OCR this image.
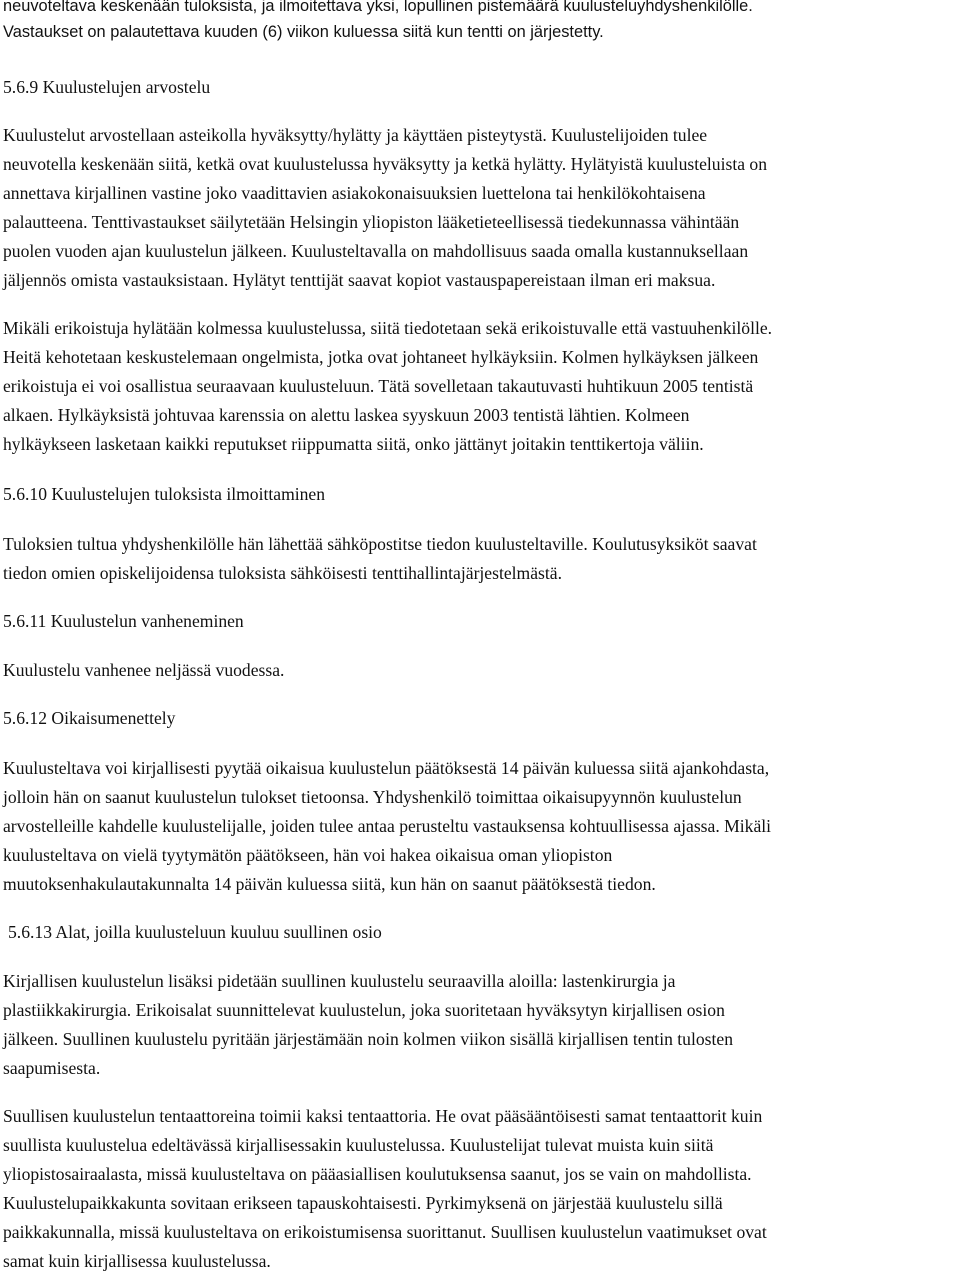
neuvoteltava keskenään tuloksista, ja ilmoitettava yksi, lopullinen pistemäärä kuulusteluyhdyshenkilölle.
Vastaukset on palautettava kuuden (6) viikon kuluessa siitä kun tentti on järjestetty.
5.6.9 Kuulustelujen arvostelu
Kuulustelut arvostellaan asteikolla hyväksytty/hylätty ja käyttäen pisteytystä. Kuulustelijoiden tulee
neuvotella keskenään siitä, ketkä ovat kuulustelussa hyväksytty ja ketkä hylätty. Hylätyistä kuulusteluista on
annettava kirjallinen vastine joko vaadittavien asiakokonaisuuksien luettelona tai henkilökohtaisena
palautteena. Tenttivastaukset säilytetään Helsingin yliopiston lääketieteellisessä tiedekunnassa vähintään
puolen vuoden ajan kuulustelun jälkeen. Kuulusteltavalla on mahdollisuus saada omalla kustannuksellaan
jäljennös omista vastauksistaan. Hylätyt tenttijät saavat kopiot vastauspapereistaan ilman eri maksua.
Mikäli erikoistuja hylätään kolmessa kuulustelussa, siitä tiedotetaan sekä erikoistuvalle että vastuuhenkilölle.
Heitä kehotetaan keskustelemaan ongelmista, jotka ovat johtaneet hylkäyksiin. Kolmen hylkäyksen jälkeen
erikoistuja ei voi osallistua seuraavaan kuulusteluun. Tätä sovelletaan takautuvasti huhtikuun 2005 tentistä
alkaen. Hylkäyksistä johtuvaa karenssia on alettu laskea syyskuun 2003 tentistä lähtien. Kolmeen
hylkäykseen lasketaan kaikki reputukset riippumatta siitä, onko jättänyt joitakin tenttikertoja väliin.
5.6.10 Kuulustelujen tuloksista ilmoittaminen
Tuloksien tultua yhdyshenkilölle hän lähettää sähköpostitse tiedon kuulusteltaville. Koulutusyksiköt saavat
tiedon omien opiskelijoidensa tuloksista sähköisesti tenttihallintajärjestelmästä.
5.6.11 Kuulustelun vanheneminen
Kuulustelu vanhenee neljässä vuodessa.
5.6.12 Oikaisumenettely
Kuulusteltava voi kirjallisesti pyytää oikaisua kuulustelun päätöksestä 14 päivän kuluessa siitä ajankohdasta,
jolloin hän on saanut kuulustelun tulokset tietoonsa. Yhdyshenkilö toimittaa oikaisupyynnön kuulustelun
arvostelleille kahdelle kuulustelijalle, joiden tulee antaa perusteltu vastauksensa kohtuullisessa ajassa. Mikäli
kuulusteltava on vielä tyytymätön päätökseen, hän voi hakea oikaisua oman yliopiston
muutoksenhakulautakunnalta 14 päivän kuluessa siitä, kun hän on saanut päätöksestä tiedon.
5.6.13 Alat, joilla kuulusteluun kuuluu suullinen osio
Kirjallisen kuulustelun lisäksi pidetään suullinen kuulustelu seuraavilla aloilla: lastenkirurgia ja
plastiikkakirurgia. Erikoisalat suunnittelevat kuulustelun, joka suoritetaan hyväksytyn kirjallisen osion
jälkeen. Suullinen kuulustelu pyritään järjestämään noin kolmen viikon sisällä kirjallisen tentin tulosten
saapumisesta.
Suullisen kuulustelun tentaattoreina toimii kaksi tentaattoria. He ovat pääsääntöisesti samat tentaattorit kuin
suullista kuulustelua edeltävässä kirjallisessakin kuulustelussa. Kuulustelijat tulevat muista kuin siitä
yliopistosairaalasta, missä kuulusteltava on pääasiallisen koulutuksensa saanut, jos se vain on mahdollista.
Kuulustelupaikkakunta sovitaan erikseen tapauskohtaisesti. Pyrkimyksenä on järjestää kuulustelu sillä
paikkakunnalla, missä kuulusteltava on erikoistumisensa suorittanut. Suullisen kuulustelun vaatimukset ovat
samat kuin kirjallisessa kuulustelussa.
